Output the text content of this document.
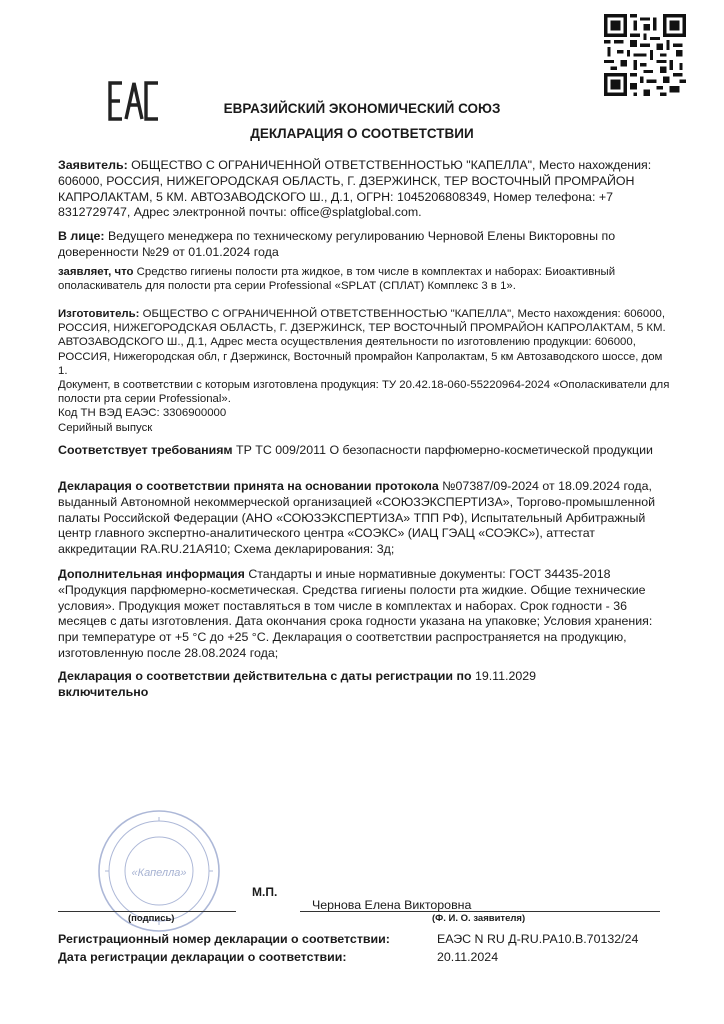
ЕВРАЗИЙСКИЙ ЭКОНОМИЧЕСКИЙ СОЮЗ
ДЕКЛАРАЦИЯ О СООТВЕТСТВИИ
Заявитель: ОБЩЕСТВО С ОГРАНИЧЕННОЙ ОТВЕТСТВЕННОСТЬЮ "КАПЕЛЛА", Место нахождения: 606000, РОССИЯ, НИЖЕГОРОДСКАЯ ОБЛАСТЬ, Г. ДЗЕРЖИНСК, ТЕР ВОСТОЧНЫЙ ПРОМРАЙОН КАПРОЛАКТАМ, 5 КМ. АВТОЗАВОДСКОГО Ш., Д.1, ОГРН: 1045206808349, Номер телефона: +7 8312729747, Адрес электронной почты: office@splatglobal.com.
В лице: Ведущего менеджера по техническому регулированию Черновой Елены Викторовны по доверенности №29 от 01.01.2024 года
заявляет, что Средство гигиены полости рта жидкое, в том числе в комплектах и наборах: Биоактивный ополаскиватель для полости рта серии Professional «SPLAT (СПЛАТ) Комплекс 3 в 1».
Изготовитель: ОБЩЕСТВО С ОГРАНИЧЕННОЙ ОТВЕТСТВЕННОСТЬЮ "КАПЕЛЛА", Место нахождения: 606000, РОССИЯ, НИЖЕГОРОДСКАЯ ОБЛАСТЬ, Г. ДЗЕРЖИНСК, ТЕР ВОСТОЧНЫЙ ПРОМРАЙОН КАПРОЛАКТАМ, 5 КМ. АВТОЗАВОДСКОГО Ш., Д.1, Адрес места осуществления деятельности по изготовлению продукции: 606000, РОССИЯ, Нижегородская обл, г Дзержинск, Восточный промрайон Капролактам, 5 км Автозаводского шоссе, дом 1.
Документ, в соответствии с которым изготовлена продукция: ТУ 20.42.18-060-55220964-2024 «Ополаскиватели для полости рта серии Professional».
Код ТН ВЭД ЕАЭС: 3306900000
Серийный выпуск
Соответствует требованиям ТР ТС 009/2011 О безопасности парфюмерно-косметической продукции
Декларация о соответствии принята на основании протокола №07387/09-2024 от 18.09.2024 года, выданный Автономной некоммерческой организацией «СОЮЗЭКСПЕРТИЗА», Торгово-промышленной палаты Российской Федерации (АНО «СОЮЗЭКСПЕРТИЗА» ТПП РФ), Испытательный Арбитражный центр главного экспертно-аналитического центра «СОЭКС» (ИАЦ ГЭАЦ «СОЭКС»), аттестат аккредитации RA.RU.21АЯ10; Схема декларирования: 3д;
Дополнительная информация Стандарты и иные нормативные документы: ГОСТ 34435-2018 «Продукция парфюмерно-косметическая. Средства гигиены полости рта жидкие. Общие технические условия». Продукция может поставляться в том числе в комплектах и наборах. Срок годности - 36 месяцев с даты изготовления. Дата окончания срока годности указана на упаковке; Условия хранения: при температуре от +5 °С до +25 °С. Декларация о соответствии распространяется на продукцию, изготовленную после 28.08.2024 года;
Декларация о соответствии действительна с даты регистрации по 19.11.2029
включительно
«Капелла»
М.П.
Чернова Елена Викторовна
(подпись)	(Ф. И. О. заявителя)
Регистрационный номер декларации о соответствии:	ЕАЭС N RU Д-RU.PA10.B.70132/24
Дата регистрации декларации о соответствии:	20.11.2024
